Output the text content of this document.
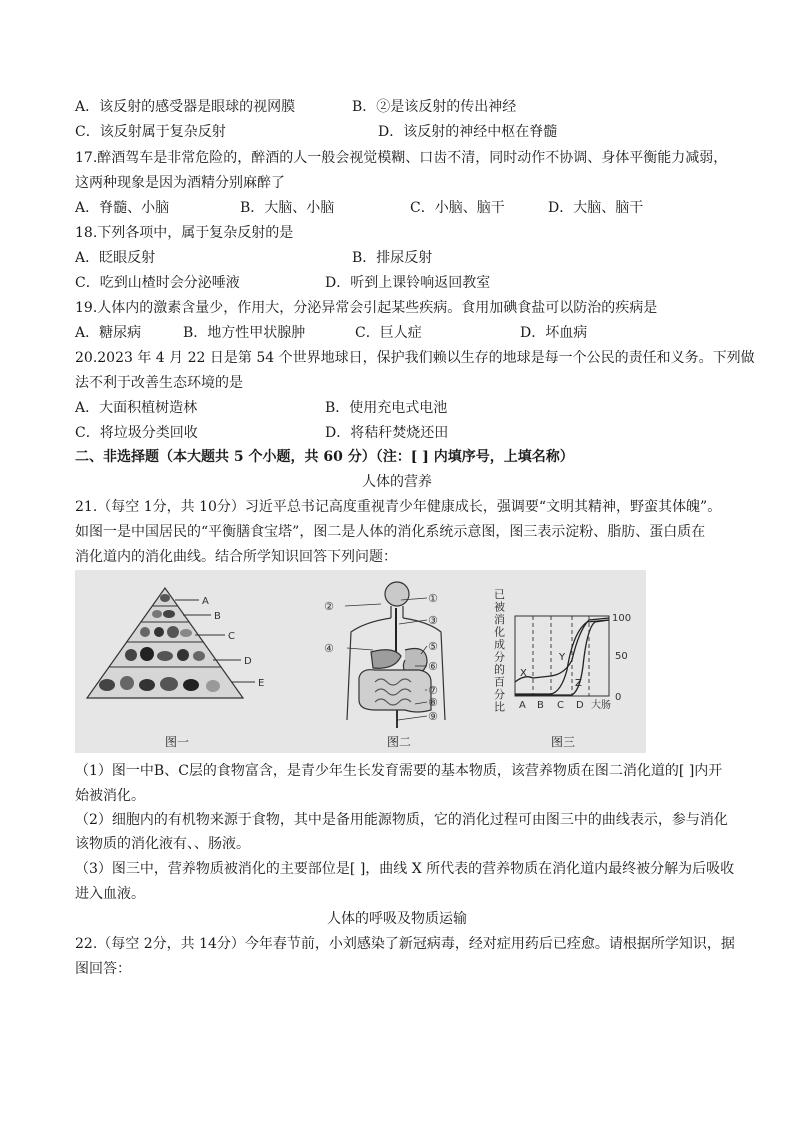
A．该反射的感受器是眼球的视网膜	B．②是该反射的传出神经
C．该反射属于复杂反射	D．该反射的神经中枢在脊髓
17.醉酒驾车是非常危险的，醉酒的人一般会视觉模糊、口齿不清，同时动作不协调、身体平衡能力减弱，
这两种现象是因为酒精分别麻醉了
A．脊髓、小脑	B．大脑、小脑	C．小脑、脑干	D．大脑、脑干
18.下列各项中，属于复杂反射的是
A．眨眼反射	B．排尿反射
C．吃到山楂时会分泌唾液	D．听到上课铃响返回教室
19.人体内的激素含量少，作用大，分泌异常会引起某些疾病。食用加碘食盐可以防治的疾病是
A．糖尿病	B．地方性甲状腺肿	C．巨人症	D．坏血病
20.2023 年 4 月 22 日是第 54 个世界地球日，保护我们赖以生存的地球是每一个公民的责任和义务。下列做
法不利于改善生态环境的是
A．大面积植树造林	B．使用充电式电池
C．将垃圾分类回收	D．将秸秆焚烧还田
二、非选择题（本大题共 5 个小题，共 60 分）（注：[ ] 内填序号，上填名称）
人体的营养
21.（每空 1分，共 10分）习近平总书记高度重视青少年健康成长，强调要“文明其精神，野蛮其体魄”。
如图一是中国居民的“平衡膳食宝塔”，图二是人体的消化系统示意图，图三表示淀粉、脂肪、蛋白质在
消化道内的消化曲线。结合所学知识回答下列问题：
A
B
C
D
E
图一
①
②
③
④	⑤
⑥
⑦
⑧
⑨
图二
已被消化成分的百分比
100
50
0
A B C D 大肠
X
Y
Z
图三
（1）图一中B、C层的食物富含，是青少年生长发育需要的基本物质，该营养物质在图二消化道的[ ]内开
始被消化。
（2）细胞内的有机物来源于食物，其中是备用能源物质，它的消化过程可由图三中的曲线表示，参与消化
该物质的消化液有、、肠液。
（3）图三中，营养物质被消化的主要部位是[ ]，曲线 X 所代表的营养物质在消化道内最终被分解为后吸收
进入血液。
人体的呼吸及物质运输
22.（每空 2分，共 14分）今年春节前，小刘感染了新冠病毒，经对症用药后已痊愈。请根据所学知识，据
图回答：
